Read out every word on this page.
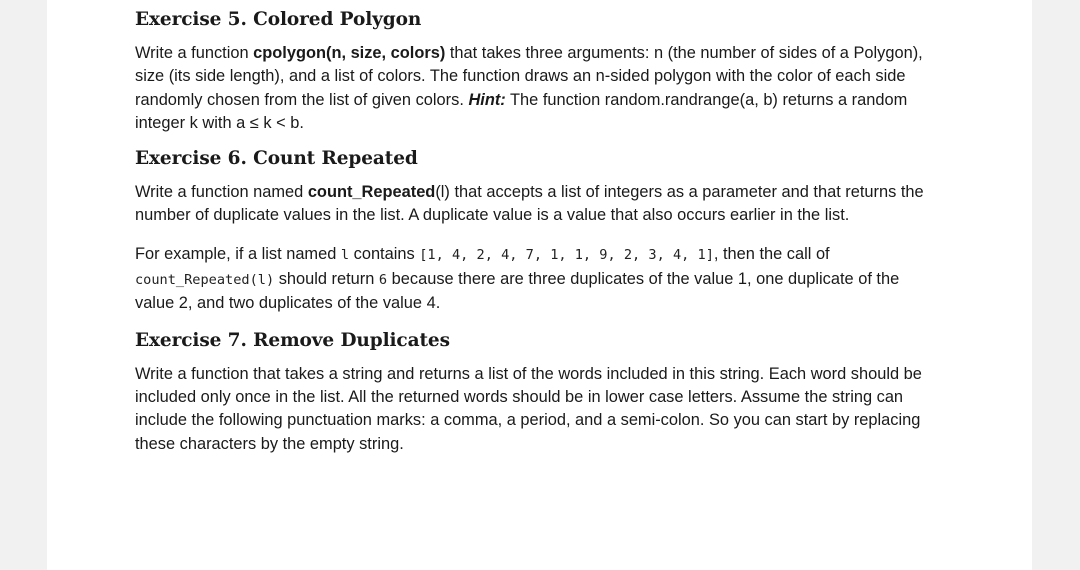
Exercise 5. Colored Polygon

Write a function cpolygon(n, size, colors) that takes three arguments: n (the number of sides of a Polygon), size (its side length), and a list of colors. The function draws an n-sided polygon with the color of each side randomly chosen from the list of given colors. Hint: The function random.randrange(a, b) returns a random integer k with a ≤ k < b.

Exercise 6. Count Repeated

Write a function named count_Repeated(l) that accepts a list of integers as a parameter and that returns the number of duplicate values in the list. A duplicate value is a value that also occurs earlier in the list.

For example, if a list named l contains [1, 4, 2, 4, 7, 1, 1, 9, 2, 3, 4, 1], then the call of count_Repeated(l) should return 6 because there are three duplicates of the value 1, one duplicate of the value 2, and two duplicates of the value 4.

Exercise 7. Remove Duplicates

Write a function that takes a string and returns a list of the words included in this string. Each word should be included only once in the list. All the returned words should be in lower case letters. Assume the string can include the following punctuation marks: a comma, a period, and a semi-colon. So you can start by replacing these characters by the empty string.
